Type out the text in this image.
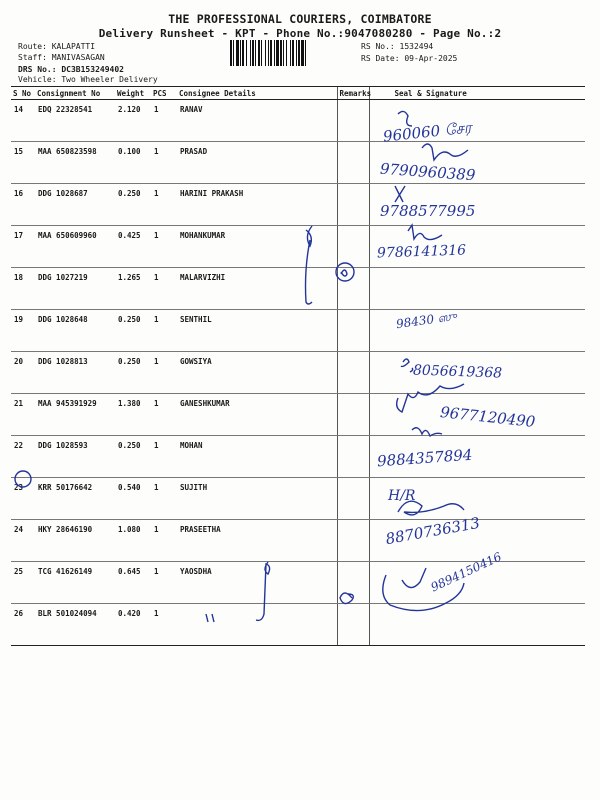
THE PROFESSIONAL COURIERS, COIMBATORE
Delivery Runsheet - KPT - Phone No.:9047080280 - Page No.:2
Route: KALAPATTI
Staff: MANIVASAGAN
DRS No.: DC3B153249402
Vehicle: Two Wheeler Delivery
RS No.: 1532494
RS Date: 09-Apr-2025
S No	Consignment No	Weight	PCS	Consignee Details	Remarks	Seal & Signature
14	EDQ 22328541	2.120	1	RANAV		
15	MAA 650823598	0.100	1	PRASAD		
16	DDG 1028687	0.250	1	HARINI PRAKASH		
17	MAA 650609960	0.425	1	MOHANKUMAR		
18	DDG 1027219	1.265	1	MALARVIZHI		
19	DDG 1028648	0.250	1	SENTHIL		
20	DDG 1028813	0.250	1	GOWSIYA		
21	MAA 945391929	1.380	1	GANESHKUMAR		
22	DDG 1028593	0.250	1	MOHAN		
23	KRR 50176642	0.540	1	SUJITH		
24	HKY 28646190	1.080	1	PRASEETHA		
25	TCG 41626149	0.645	1	YAOSDHA		
26	BLR 501024094	0.420	1			
960060 சேர
9790960389
9788577995
9786141316
98430 ஸு
8056619368
9677120490
9884357894
H/R
8870736313
9894150416
